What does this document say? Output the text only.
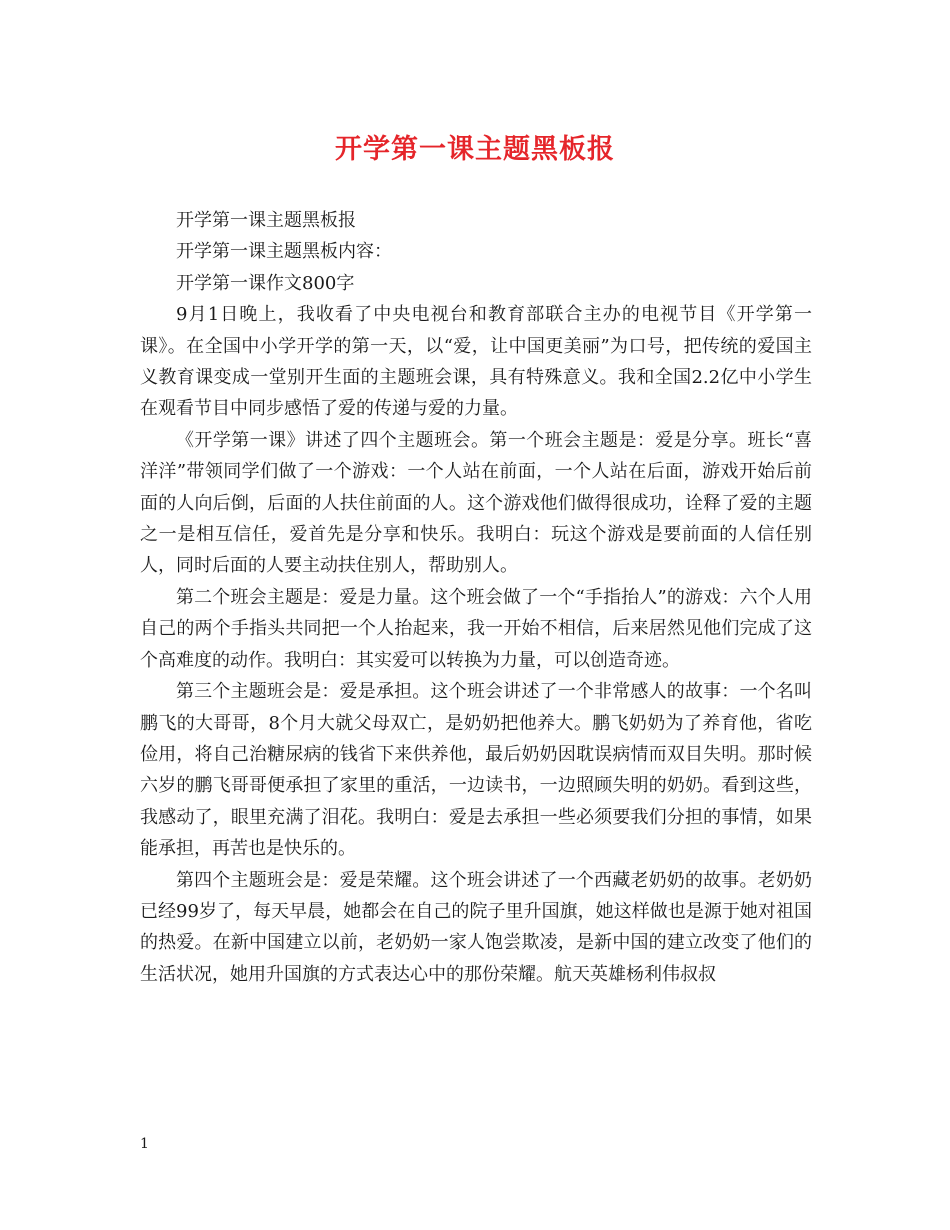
开学第一课主题黑板报

开学第一课主题黑板报

开学第一课主题黑板内容：

开学第一课作文800字

9月1日晚上，我收看了中央电视台和教育部联合主办的电视节目《开学第一课》。在全国中小学开学的第一天，以“爱，让中国更美丽”为口号，把传统的爱国主义教育课变成一堂别开生面的主题班会课，具有特殊意义。我和全国2.2亿中小学生在观看节目中同步感悟了爱的传递与爱的力量。

《开学第一课》讲述了四个主题班会。第一个班会主题是：爱是分享。班长“喜洋洋”带领同学们做了一个游戏：一个人站在前面，一个人站在后面，游戏开始后前面的人向后倒，后面的人扶住前面的人。这个游戏他们做得很成功，诠释了爱的主题之一是相互信任，爱首先是分享和快乐。我明白：玩这个游戏是要前面的人信任别人，同时后面的人要主动扶住别人，帮助别人。

第二个班会主题是：爱是力量。这个班会做了一个“手指抬人”的游戏：六个人用自己的两个手指头共同把一个人抬起来，我一开始不相信，后来居然见他们完成了这个高难度的动作。我明白：其实爱可以转换为力量，可以创造奇迹。

第三个主题班会是：爱是承担。这个班会讲述了一个非常感人的故事：一个名叫鹏飞的大哥哥，8个月大就父母双亡，是奶奶把他养大。鹏飞奶奶为了养育他，省吃俭用，将自己治糖尿病的钱省下来供养他，最后奶奶因耽误病情而双目失明。那时候六岁的鹏飞哥哥便承担了家里的重活，一边读书，一边照顾失明的奶奶。看到这些，我感动了，眼里充满了泪花。我明白：爱是去承担一些必须要我们分担的事情，如果能承担，再苦也是快乐的。

第四个主题班会是：爱是荣耀。这个班会讲述了一个西藏老奶奶的故事。老奶奶已经99岁了，每天早晨，她都会在自己的院子里升国旗，她这样做也是源于她对祖国的热爱。在新中国建立以前，老奶奶一家人饱尝欺凌，是新中国的建立改变了他们的生活状况，她用升国旗的方式表达心中的那份荣耀。航天英雄杨利伟叔叔

1
